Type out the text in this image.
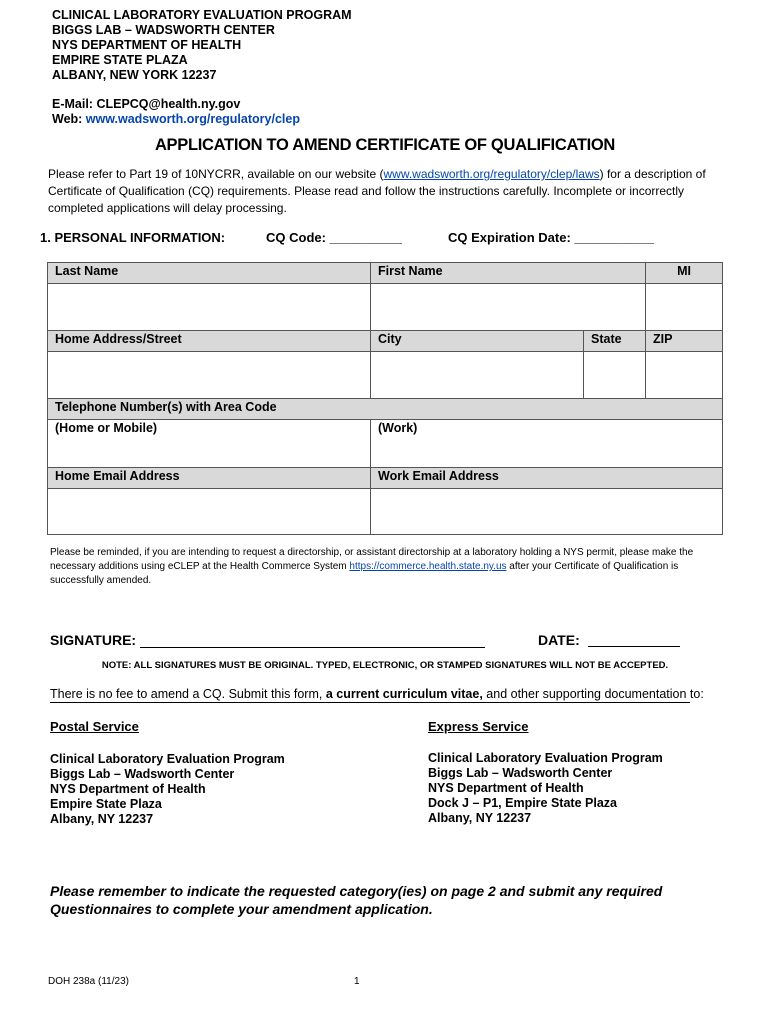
CLINICAL LABORATORY EVALUATION PROGRAM
BIGGS LAB – WADSWORTH CENTER
NYS DEPARTMENT OF HEALTH
EMPIRE STATE PLAZA
ALBANY, NEW YORK 12237
E-Mail: CLEPCQ@health.ny.gov
Web: www.wadsworth.org/regulatory/clep
APPLICATION TO AMEND CERTIFICATE OF QUALIFICATION
Please refer to Part 19 of 10NYCRR, available on our website (www.wadsworth.org/regulatory/clep/laws) for a description of Certificate of Qualification (CQ) requirements. Please read and follow the instructions carefully. Incomplete or incorrectly completed applications will delay processing.
1. PERSONAL INFORMATION:	CQ Code: __________	CQ Expiration Date: ___________
Last Name	First Name		MI

Home Address/Street	City	State	ZIP

Telephone Number(s) with Area Code			
(Home or Mobile)	(Work)		
Home Email Address	Work Email Address		

Please be reminded, if you are intending to request a directorship, or assistant directorship at a laboratory holding a NYS permit, please make the necessary additions using eCLEP at the Health Commerce System https://commerce.health.state.ny.us after your Certificate of Qualification is successfully amended.
SIGNATURE:	DATE:
NOTE: ALL SIGNATURES MUST BE ORIGINAL. TYPED, ELECTRONIC, OR STAMPED SIGNATURES WILL NOT BE ACCEPTED.
There is no fee to amend a CQ. Submit this form, a current curriculum vitae, and other supporting documentation to:
Postal Service	Express Service
Clinical Laboratory Evaluation Program
Biggs Lab – Wadsworth Center
NYS Department of Health
Empire State Plaza
Albany, NY 12237
Clinical Laboratory Evaluation Program
Biggs Lab – Wadsworth Center
NYS Department of Health
Dock J – P1, Empire State Plaza
Albany, NY 12237
Please remember to indicate the requested category(ies) on page 2 and submit any required Questionnaires to complete your amendment application.
DOH 238a (11/23)	1
